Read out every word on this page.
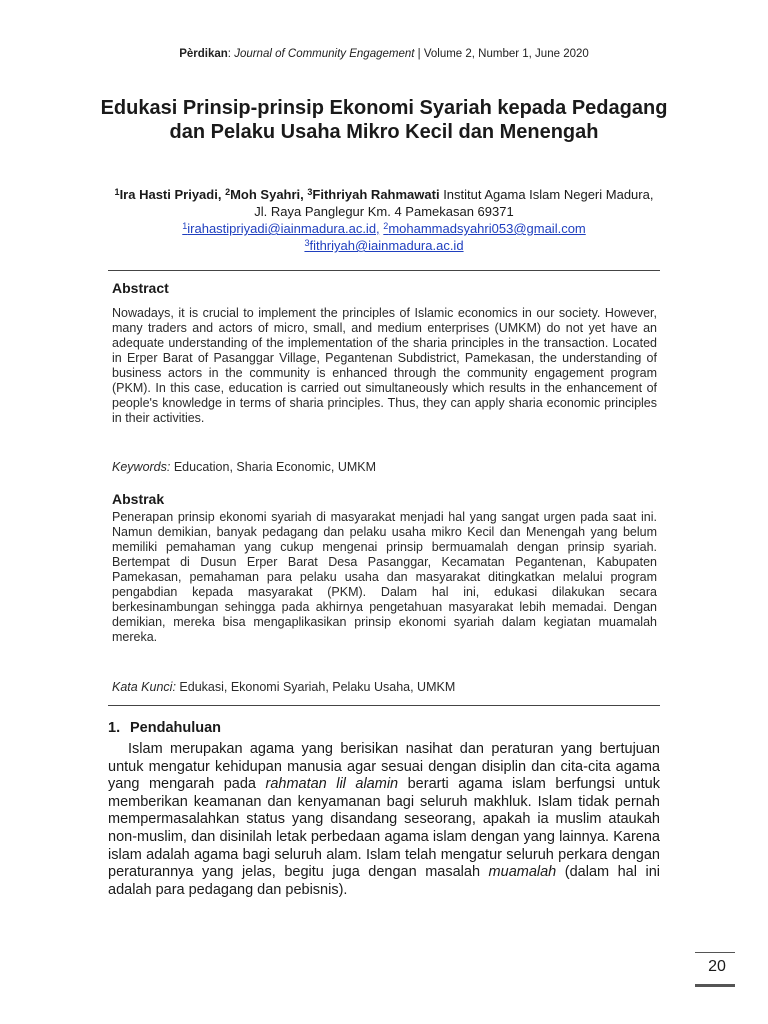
Pèrdikan: Journal of Community Engagement | Volume 2, Number 1, June 2020
Edukasi Prinsip-prinsip Ekonomi Syariah kepada Pedagang dan Pelaku Usaha Mikro Kecil dan Menengah
$^1$Ira Hasti Priyadi, $^2$Moh Syahri, $^3$Fithriyah Rahmawati Institut Agama Islam Negeri Madura, Jl. Raya Panglegur Km. 4 Pamekasan 69371
$^1$irahastipriyadi@iainmadura.ac.id, $^2$mohammadsyahri053@gmail.com
$^3$fithriyah@iainmadura.ac.id
Abstract

Nowadays, it is crucial to implement the principles of Islamic economics in our society. However, many traders and actors of micro, small, and medium enterprises (UMKM) do not yet have an adequate understanding of the implementation of the sharia principles in the transaction. Located in Erper Barat of Pasanggar Village, Pegantenan Subdistrict, Pamekasan, the understanding of business actors in the community is enhanced through the community engagement program (PKM). In this case, education is carried out simultaneously which results in the enhancement of people's knowledge in terms of sharia principles. Thus, they can apply sharia economic principles in their activities.

Keywords: Education, Sharia Economic, UMKM

Abstrak

Penerapan prinsip ekonomi syariah di masyarakat menjadi hal yang sangat urgen pada saat ini. Namun demikian, banyak pedagang dan pelaku usaha mikro Kecil dan Menengah yang belum memiliki pemahaman yang cukup mengenai prinsip bermuamalah dengan prinsip syariah. Bertempat di Dusun Erper Barat Desa Pasanggar, Kecamatan Pegantenan, Kabupaten Pamekasan, pemahaman para pelaku usaha dan masyarakat ditingkatkan melalui program pengabdian kepada masyarakat (PKM). Dalam hal ini, edukasi dilakukan secara berkesinambungan sehingga pada akhirnya pengetahuan masyarakat lebih memadai. Dengan demikian, mereka bisa mengaplikasikan prinsip ekonomi syariah dalam kegiatan muamalah mereka.

Kata Kunci: Edukasi, Ekonomi Syariah, Pelaku Usaha, UMKM

1. Pendahuluan

Islam merupakan agama yang berisikan nasihat dan peraturan yang bertujuan untuk mengatur kehidupan manusia agar sesuai dengan disiplin dan cita-cita agama yang mengarah pada rahmatan lil alamin berarti agama islam berfungsi untuk memberikan keamanan dan kenyamanan bagi seluruh makhluk. Islam tidak pernah mempermasalahkan status yang disandang seseorang, apakah ia muslim ataukah non-muslim, dan disinilah letak perbedaan agama islam dengan yang lainnya. Karena islam adalah agama bagi seluruh alam. Islam telah mengatur seluruh perkara dengan peraturannya yang jelas, begitu juga dengan masalah muamalah (dalam hal ini adalah para pedagang dan pebisnis).

20
